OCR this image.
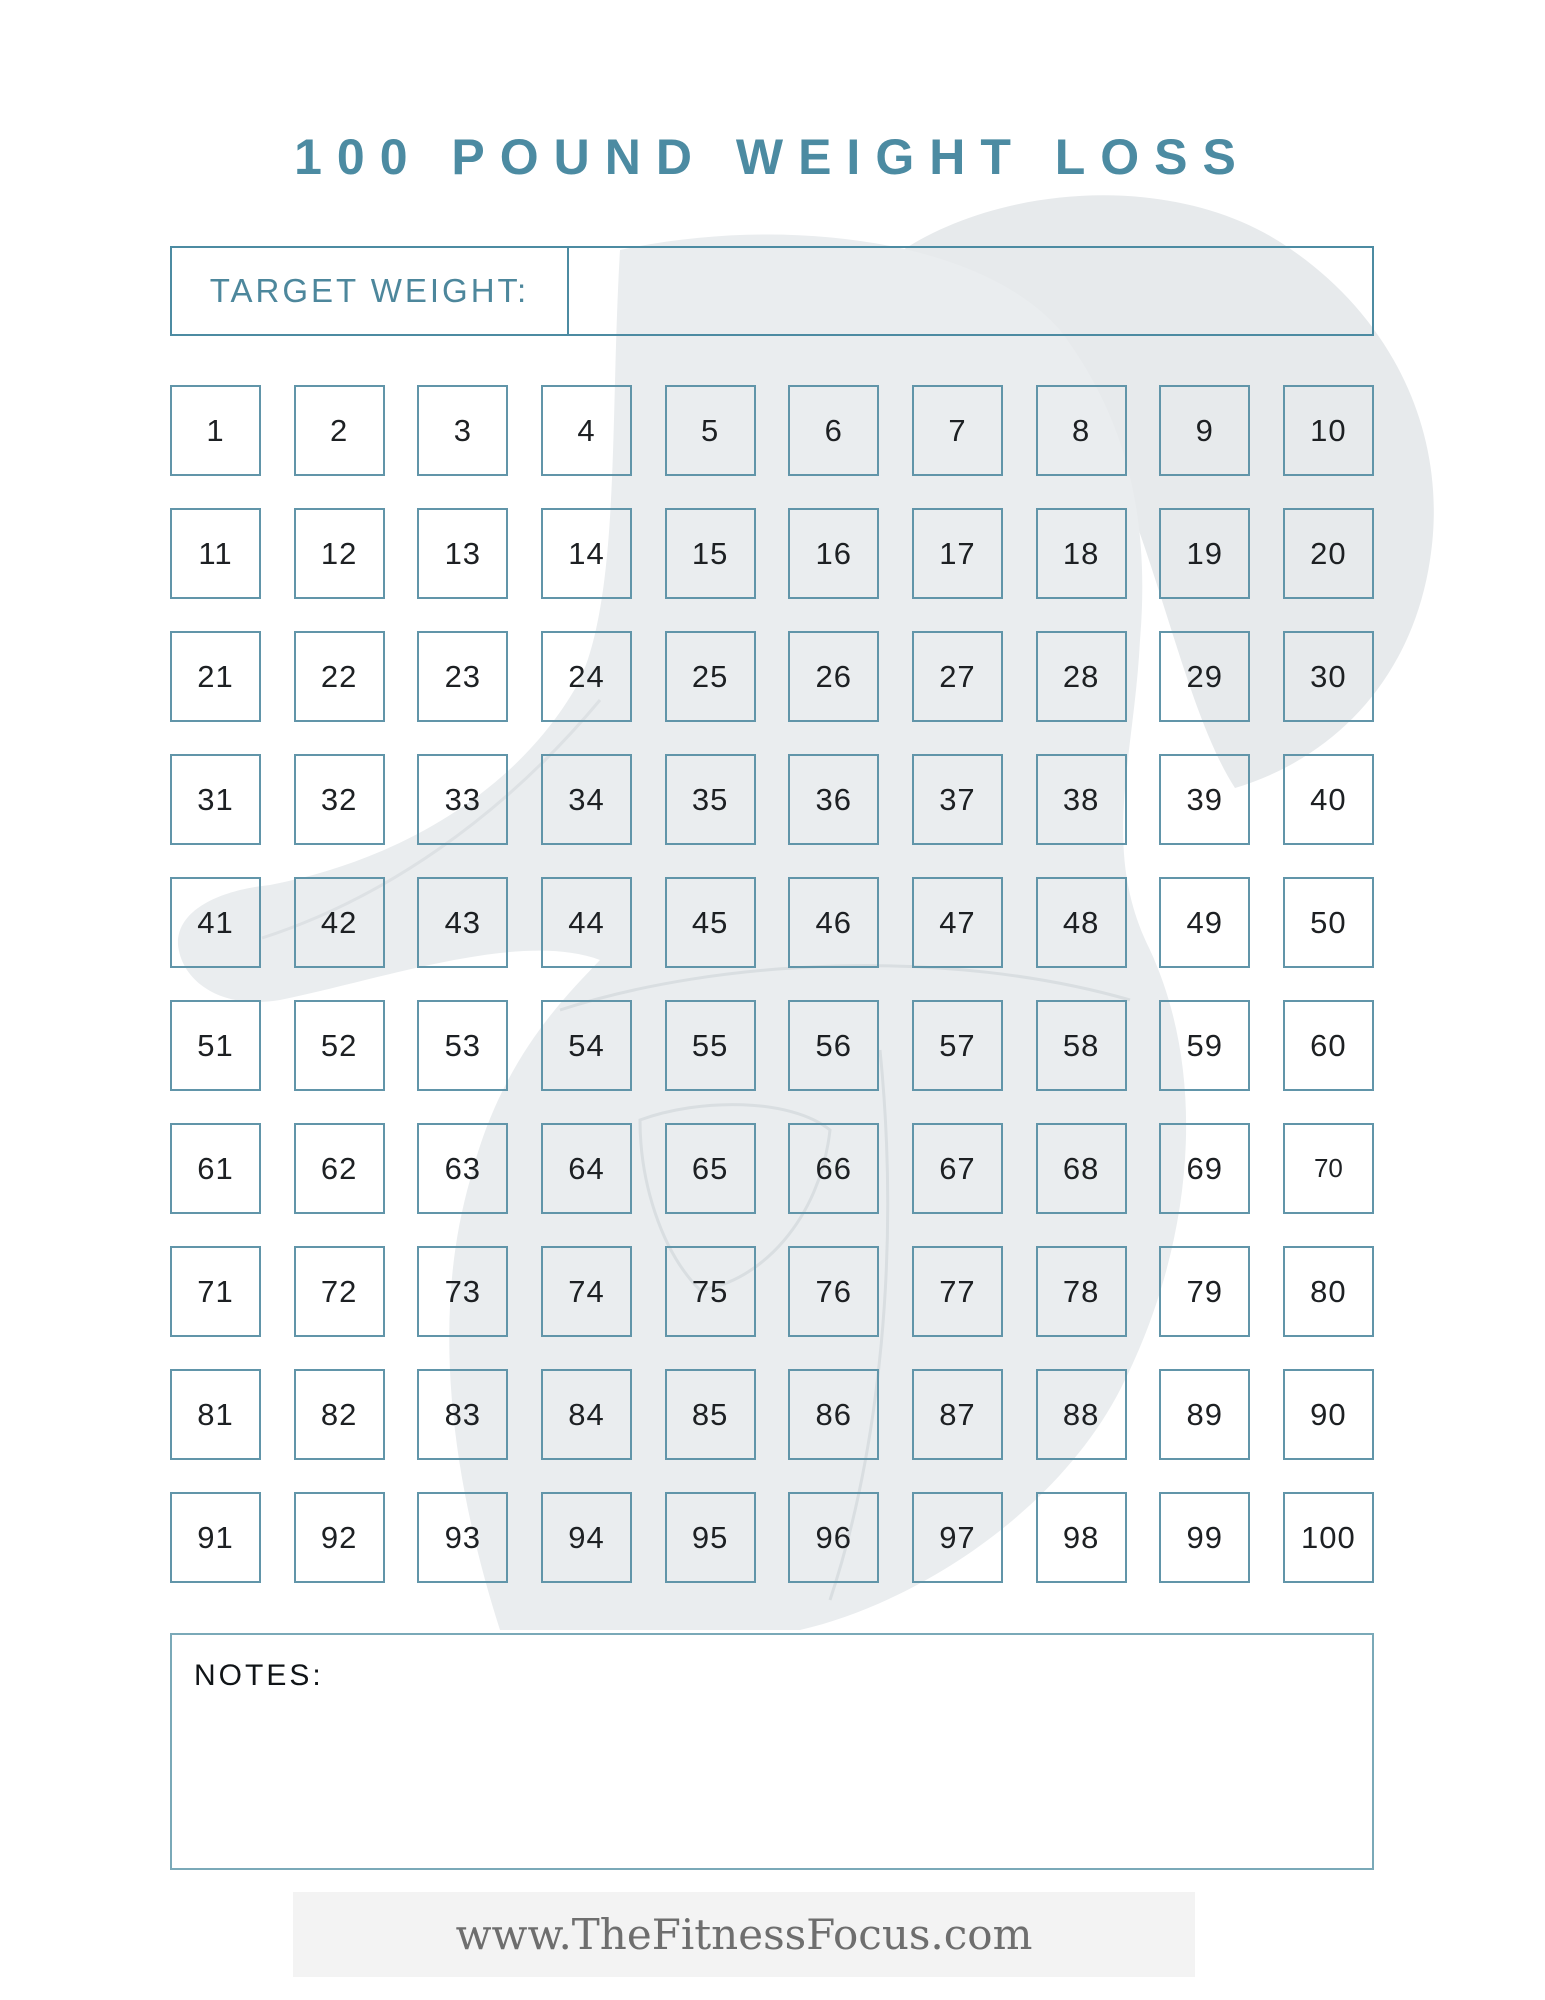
100 POUND WEIGHT LOSS
TARGET WEIGHT:
1	2	3	4	5	6	7	8	9	10
11	12	13	14	15	16	17	18	19	20
21	22	23	24	25	26	27	28	29	30
31	32	33	34	35	36	37	38	39	40
41	42	43	44	45	46	47	48	49	50
51	52	53	54	55	56	57	58	59	60
61	62	63	64	65	66	67	68	69	70
71	72	73	74	75	76	77	78	79	80
81	82	83	84	85	86	87	88	89	90
91	92	93	94	95	96	97	98	99	100
NOTES:
www.TheFitnessFocus.com
